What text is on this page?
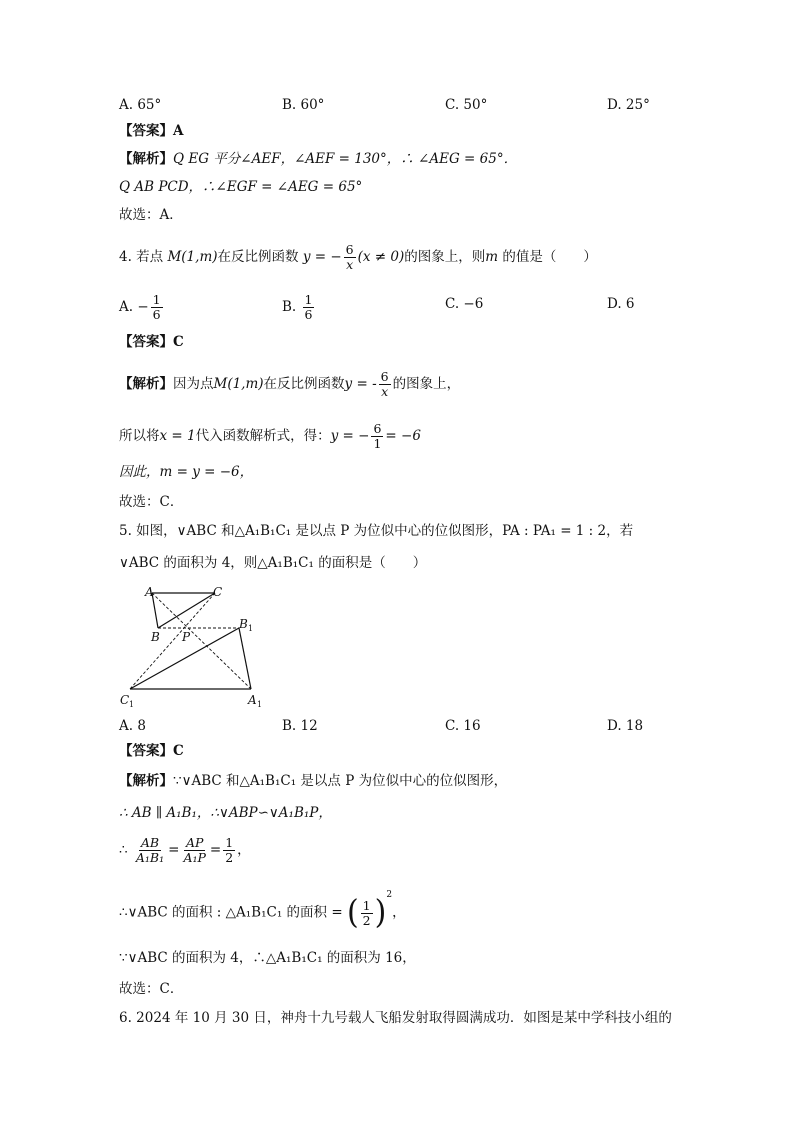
A. 65°	B. 60°	C. 50°	D. 25°
【答案】A
【解析】Q EG 平分∠AEF，∠AEF = 130°，∴ ∠AEG = 65°．
Q AB PCD，∴∠EGF = ∠AEG = 65°
故选：A．
4. 若点 M(1,m)在反比例函数 y = − $\frac{6}{x} (x \ne 0)$的图象上，则m 的值是（　　）
A. − $\frac{1}{6}$	B. $\frac{1}{6}$	C. −6	D. 6
【答案】C
【解析】因为点M(1,m)在反比例函数y = - $\frac{6}{x}$ 的图象上，
所以将x = 1代入函数解析式，得：y = − $\frac{6}{1} = -6$
因此，m = y = −6，
故选：C．
5. 如图，∨ABC 和△A₁B₁C₁ 是以点 P 为位似中心的位似图形，PA : PA₁ = 1 : 2，若
∨ABC 的面积为 4，则△A₁B₁C₁ 的面积是（　　）
A	C
B P
B 1
C 1	A 1
A. 8	B. 12	C. 16	D. 18
【答案】C
【解析】∵∨ABC 和△A₁B₁C₁ 是以点 P 为位似中心的位似图形，
∴ AB ∥ A₁B₁，∴∨ABP∽∨A₁B₁P，
∴ $\frac{AB}{\text{A₁B₁}} = \frac{AP}{\text{A₁P}} = \frac{1}{2}$ ，
∴∨ABC 的面积 : △A₁B₁C₁ 的面积 = ( $\frac{1}{2} )^2$，
∵∨ABC 的面积为 4，∴△A₁B₁C₁ 的面积为 16，
故选：C．
6. 2024 年 10 月 30 日，神舟十九号载人飞船发射取得圆满成功．如图是某中学科技小组的
